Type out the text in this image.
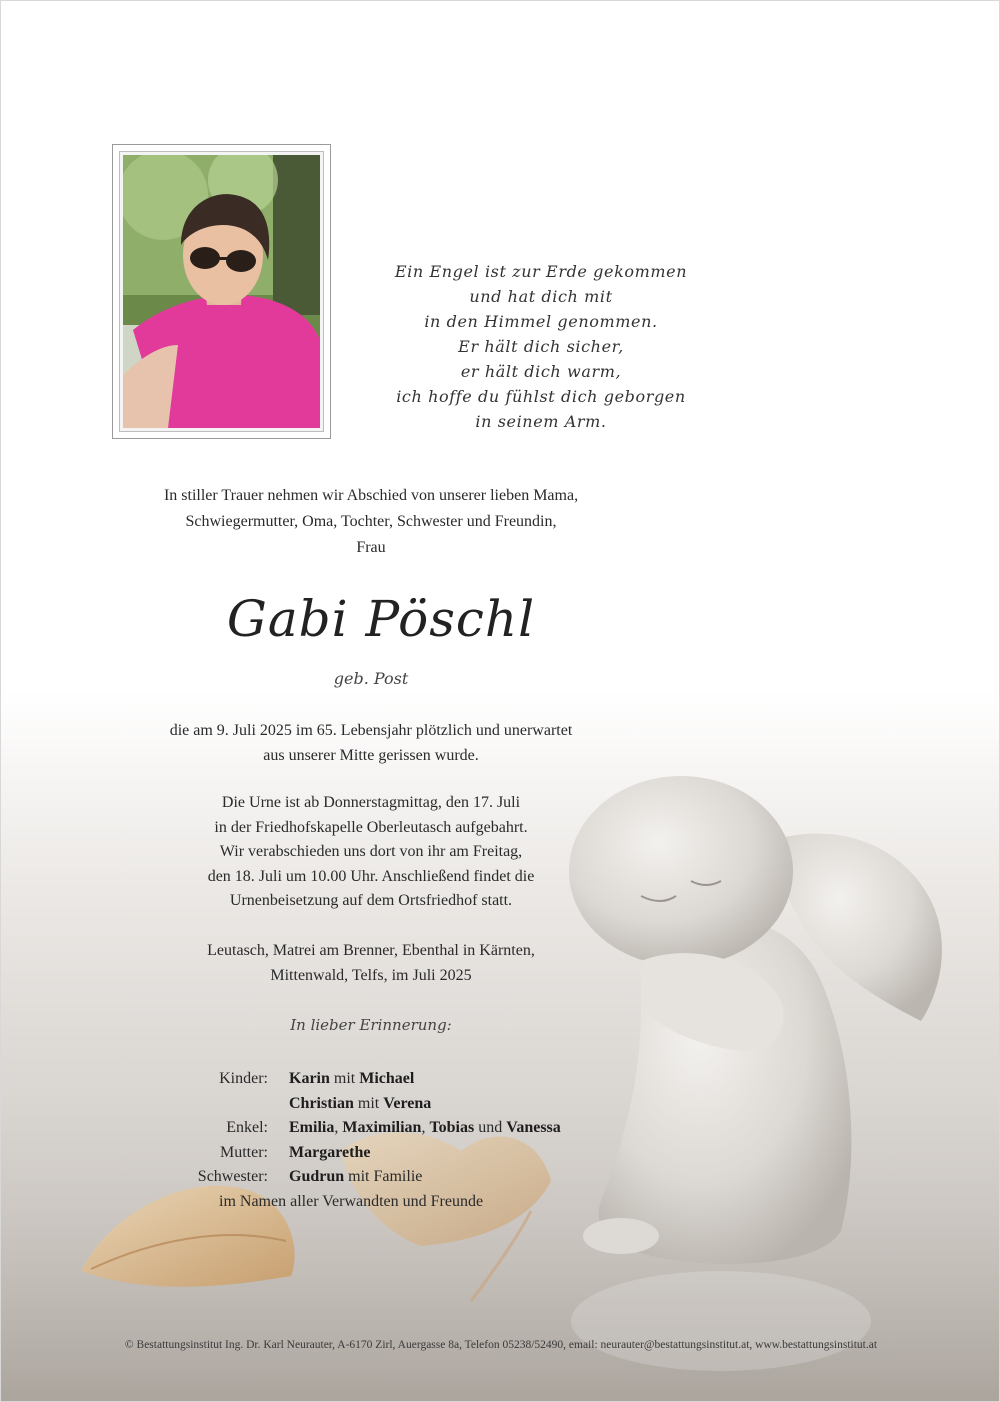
Ein Engel ist zur Erde gekommen
und hat dich mit
in den Himmel genommen.
Er hält dich sicher,
er hält dich warm,
ich hoffe du fühlst dich geborgen
in seinem Arm.
In stiller Trauer nehmen wir Abschied von unserer lieben Mama,
Schwiegermutter, Oma, Tochter, Schwester und Freundin,
Frau
Gabi Pöschl
geb. Post
die am 9. Juli 2025 im 65. Lebensjahr plötzlich und unerwartet
aus unserer Mitte gerissen wurde.
Die Urne ist ab Donnerstagmittag, den 17. Juli
in der Friedhofskapelle Oberleutasch aufgebahrt.
Wir verabschieden uns dort von ihr am Freitag,
den 18. Juli um 10.00 Uhr. Anschließend findet die
Urnenbeisetzung auf dem Ortsfriedhof statt.
Leutasch, Matrei am Brenner, Ebenthal in Kärnten,
Mittenwald, Telfs, im Juli 2025
In lieber Erinnerung:
Kinder: Karin mit Michael
Christian mit Verena
Enkel: Emilia, Maximilian, Tobias und Vanessa
Mutter: Margarethe
Schwester: Gudrun mit Familie
im Namen aller Verwandten und Freunde
© Bestattungsinstitut Ing. Dr. Karl Neurauter, A-6170 Zirl, Auergasse 8a, Telefon 05238/52490, email: neurauter@bestattungsinstitut.at, www.bestattungsinstitut.at
